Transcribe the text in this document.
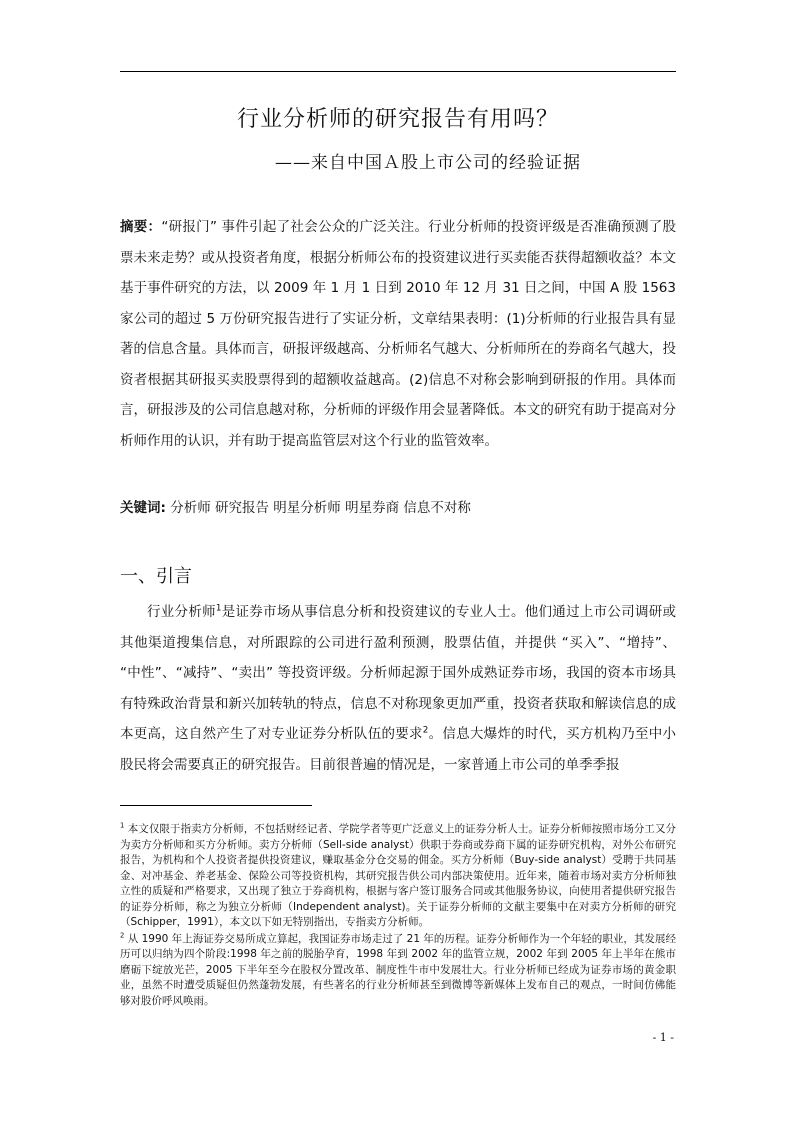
行业分析师的研究报告有用吗？
——来自中国Ａ股上市公司的经验证据
摘要：“研报门” 事件引起了社会公众的广泛关注。行业分析师的投资评级是否准确预测了股票未来走势？或从投资者角度，根据分析师公布的投资建议进行买卖能否获得超额收益？本文基于事件研究的方法，以 2009 年 1 月 1 日到 2010 年 12 月 31 日之间，中国 A 股 1563 家公司的超过 5 万份研究报告进行了实证分析，文章结果表明：(1)分析师的行业报告具有显著的信息含量。具体而言，研报评级越高、分析师名气越大、分析师所在的券商名气越大，投资者根据其研报买卖股票得到的超额收益越高。(2)信息不对称会影响到研报的作用。具体而言，研报涉及的公司信息越对称，分析师的评级作用会显著降低。本文的研究有助于提高对分析师作用的认识，并有助于提高监管层对这个行业的监管效率。
关键词: 分析师 研究报告 明星分析师 明星券商 信息不对称
一、引言
行业分析师$^1$是证券市场从事信息分析和投资建议的专业人士。他们通过上市公司调研或其他渠道搜集信息，对所跟踪的公司进行盈利预测，股票估值，并提供 “买入”、“增持”、 “中性”、“减持”、“卖出” 等投资评级。分析师起源于国外成熟证券市场，我国的资本市场具有特殊政治背景和新兴加转轨的特点，信息不对称现象更加严重，投资者获取和解读信息的成本更高，这自然产生了对专业证券分析队伍的要求$^2$。信息大爆炸的时代，买方机构乃至中小股民将会需要真正的研究报告。目前很普遍的情况是，一家普通上市公司的单季季报
$^1$ 本文仅限于指卖方分析师，不包括财经记者、学院学者等更广泛意义上的证券分析人士。证券分析师按照市场分工又分为卖方分析师和买方分析师。卖方分析师（Sell-side analyst）供职于券商或券商下属的证券研究机构，对外公布研究报告，为机构和个人投资者提供投资建议，赚取基金分仓交易的佣金。买方分析师（Buy-side analyst）受聘于共同基金、对冲基金、养老基金、保险公司等投资机构，其研究报告供公司内部决策使用。近年来，随着市场对卖方分析师独立性的质疑和严格要求，又出现了独立于券商机构，根据与客户签订服务合同或其他服务协议，向使用者提供研究报告的证券分析师，称之为独立分析师（Independent analyst)。关于证券分析师的文献主要集中在对卖方分析师的研究（Schipper，1991），本文以下如无特别指出，专指卖方分析师。
$^2$ 从 1990 年上海证券交易所成立算起，我国证券市场走过了 21 年的历程。证券分析师作为一个年轻的职业，其发展经历可以归纳为四个阶段:1998 年之前的脱胎孕育，1998 年到 2002 年的监管立规，2002 年到 2005 年上半年在熊市磨砺下绽放光芒，2005 下半年至今在股权分置改革、制度性牛市中发展壮大。行业分析师已经成为证券市场的黄金职业，虽然不时遭受质疑但仍然蓬勃发展，有些著名的行业分析师甚至到微博等新媒体上发布自己的观点，一时间仿佛能够对股价呼风唤雨。
- 1 -
